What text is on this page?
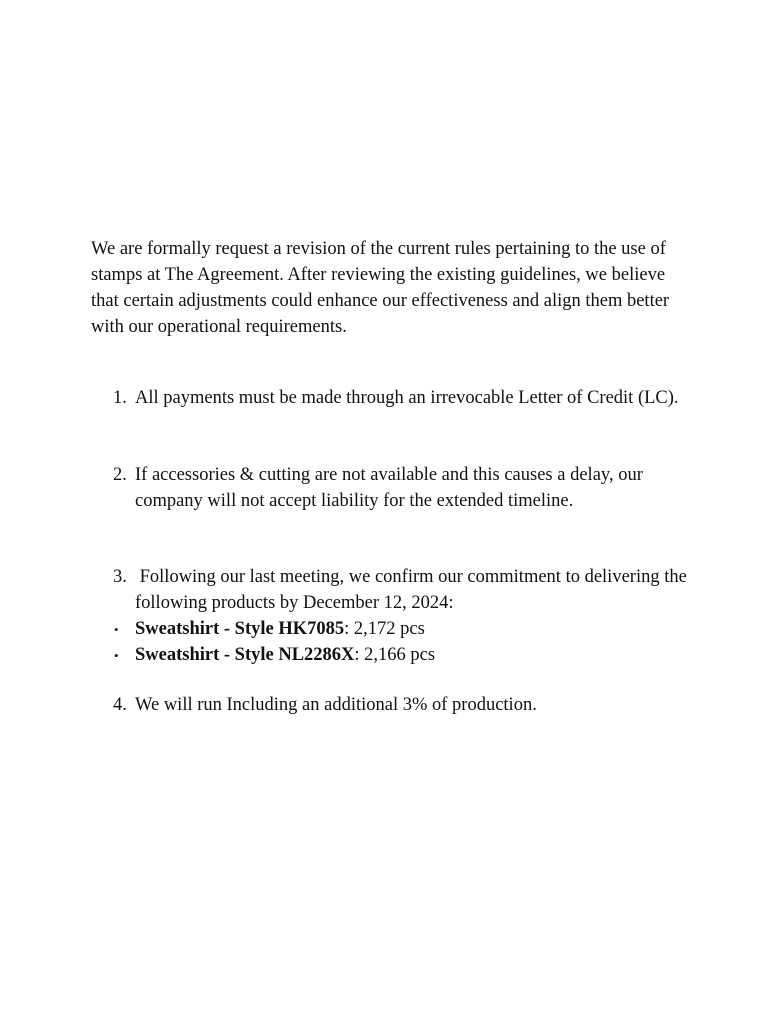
We are formally request a revision of the current rules pertaining to the use of stamps at The Agreement. After reviewing the existing guidelines, we believe that certain adjustments could enhance our effectiveness and align them better with our operational requirements.

1. All payments must be made through an irrevocable Letter of Credit (LC).
2. If accessories & cutting are not available and this causes a delay, our company will not accept liability for the extended timeline.
3. Following our last meeting, we confirm our commitment to delivering the following products by December 12, 2024:
• Sweatshirt - Style HK7085: 2,172 pcs
• Sweatshirt - Style NL2286X: 2,166 pcs
4. We will run Including an additional 3% of production.
